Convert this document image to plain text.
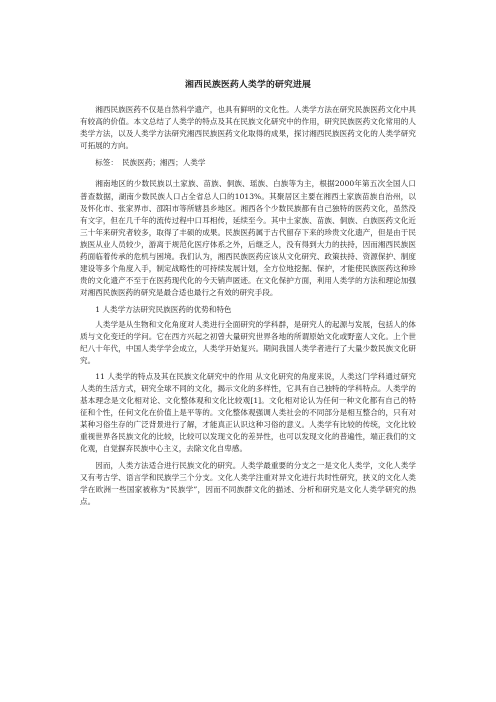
湘西民族医药人类学的研究进展

湘西民族医药不仅是自然科学遗产，也具有鲜明的文化性。人类学方法在研究民族医药文化中具有较高的价值。本文总结了人类学的特点及其在民族文化研究中的作用，研究民族医药文化常用的人类学方法，以及人类学方法研究湘西民族医药文化取得的成果，探讨湘西民族医药文化的人类学研究可拓展的方向。

标签： 民族医药；湘西；人类学

湘南地区的少数民族以土家族、苗族、侗族、瑶族、白族等为主，根据2000年第五次全国人口普查数据，湖南少数民族人口占全省总人口的1013%。其聚居区主要在湘西土家族苗族自治州，以及怀化市、张家界市、邵阳市等所辖县乡地区。湘西各个少数民族都有自己独特的医药文化，虽然没有文字，但在几千年的流传过程中口耳相传，延续至今。其中土家族、苗族、侗族、白族医药文化近三十年来研究者较多，取得了丰硕的成果。民族医药属于古代留存下来的珍贵文化遗产，但是由于民族医从业人员较少，游离于规范化医疗体系之外，后继乏人，没有得到大力的扶持，因而湘西民族医药面临着传承的危机与困境。我们认为，湘西民族医药应该从文化研究、政策扶持、资源保护、制度建设等多个角度入手，制定战略性的可持续发展计划，全方位地挖掘、保护，才能使民族医药这种珍贵的文化遗产不至于在医药现代化的今天销声匿迹。在文化保护方面，利用人类学的方法和理论加强对湘西民族医药的研究是最合适也最行之有效的研究手段。

1 人类学方法研究民族医药的优势和特色

人类学是从生物和文化角度对人类进行全面研究的学科群，是研究人的起源与发展，包括人的体质与文化变迁的学问。它在西方兴起之初曾大量研究世界各地的所谓原始文化或野蛮人文化。上个世纪八十年代，中国人类学学会成立，人类学开始复兴。期间我国人类学者进行了大量少数民族文化研究。

11 人类学的特点及其在民族文化研究中的作用 从文化研究的角度来说，人类这门学科通过研究人类的生活方式，研究全球不同的文化，揭示文化的多样性，它具有自己独特的学科特点。人类学的基本理念是文化相对论、文化整体观和文化比较观[1]。文化相对论认为任何一种文化都有自己的特征和个性，任何文化在价值上是平等的。文化整体观强调人类社会的不同部分是相互整合的，只有对某种习俗生存的广泛背景进行了解，才能真正认识这种习俗的意义。人类学有比较的传统，文化比较重视世界各民族文化的比较，比较可以发现文化的差异性，也可以发现文化的普遍性，端正我们的文化观，自觉摒弃民族中心主义，去除文化自卑感。

因而，人类方法适合进行民族文化的研究。人类学最重要的分支之一是文化人类学，文化人类学又有考古学、语言学和民族学三个分支。文化人类学注重对异文化进行共时性研究，狭义的文化人类学在欧洲一些国家被称为“民族学”，因而不同族群文化的描述、分析和研究是文化人类学研究的热点。
